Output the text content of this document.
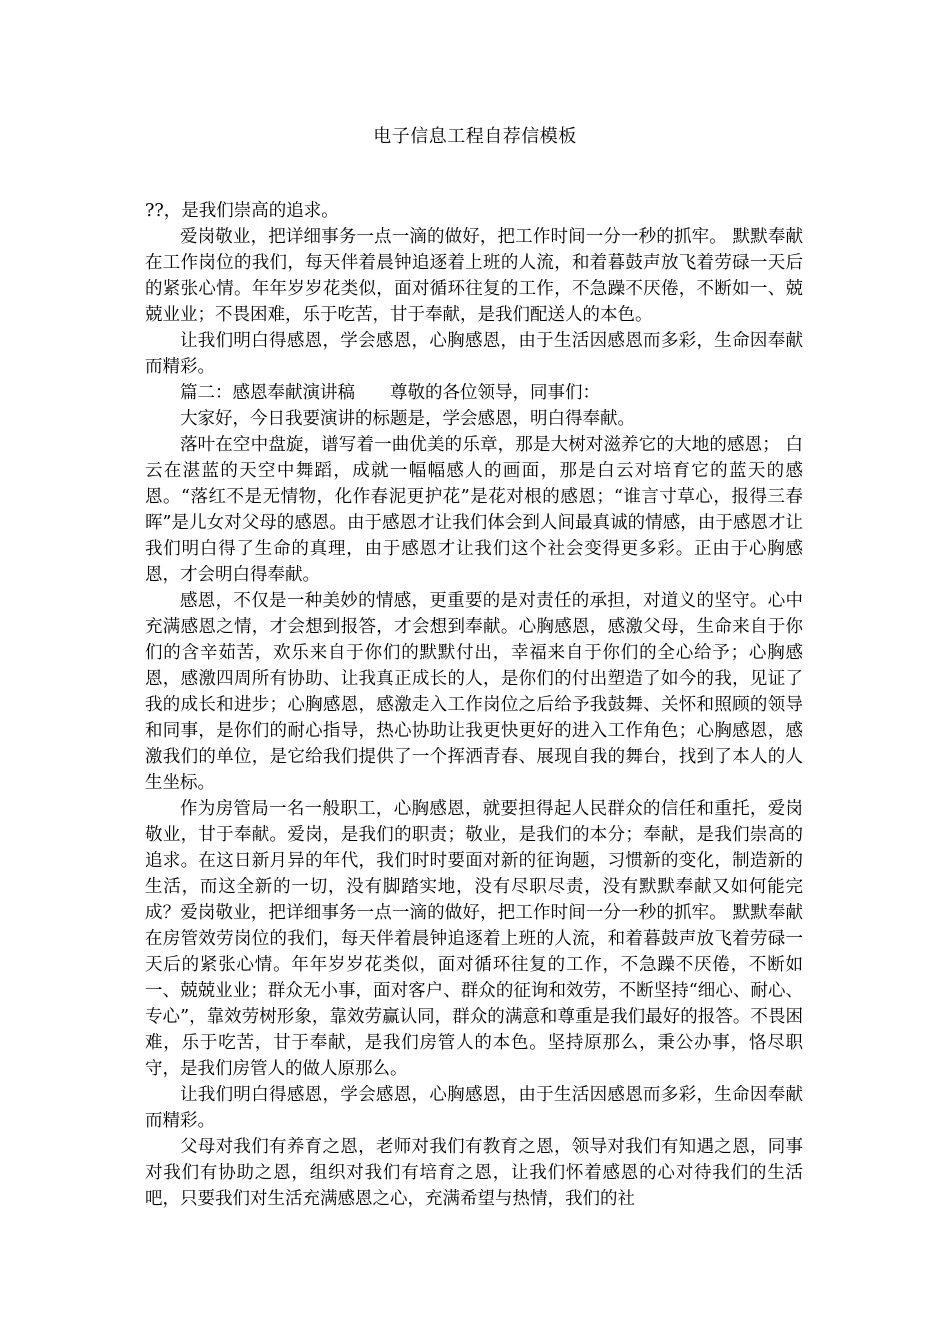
电子信息工程自荐信模板

??，是我们崇高的追求。

爱岗敬业，把详细事务一点一滴的做好，把工作时间一分一秒的抓牢。 默默奉献在工作岗位的我们，每天伴着晨钟追逐着上班的人流，和着暮鼓声放飞着劳碌一天后的紧张心情。年年岁岁花类似，面对循环往复的工作，不急躁不厌倦，不断如一、兢兢业业；不畏困难，乐于吃苦，甘于奉献，是我们配送人的本色。

让我们明白得感恩，学会感恩，心胸感恩，由于生活因感恩而多彩，生命因奉献而精彩。

篇二：感恩奉献演讲稿　　尊敬的各位领导，同事们：

大家好，今日我要演讲的标题是，学会感恩，明白得奉献。

落叶在空中盘旋，谱写着一曲优美的乐章，那是大树对滋养它的大地的感恩； 白云在湛蓝的天空中舞蹈，成就一幅幅感人的画面，那是白云对培育它的蓝天的感恩。“落红不是无情物，化作春泥更护花”是花对根的感恩；“谁言寸草心，报得三春晖”是儿女对父母的感恩。由于感恩才让我们体会到人间最真诚的情感，由于感恩才让我们明白得了生命的真理，由于感恩才让我们这个社会变得更多彩。正由于心胸感恩，才会明白得奉献。

感恩，不仅是一种美妙的情感，更重要的是对责任的承担，对道义的坚守。心中充满感恩之情，才会想到报答，才会想到奉献。心胸感恩，感激父母，生命来自于你们的含辛茹苦，欢乐来自于你们的默默付出，幸福来自于你们的全心给予；心胸感恩，感激四周所有协助、让我真正成长的人，是你们的付出塑造了如今的我，见证了我的成长和进步；心胸感恩，感激走入工作岗位之后给予我鼓舞、关怀和照顾的领导和同事，是你们的耐心指导，热心协助让我更快更好的进入工作角色；心胸感恩，感激我们的单位，是它给我们提供了一个挥洒青春、展现自我的舞台，找到了本人的人生坐标。

作为房管局一名一般职工，心胸感恩，就要担得起人民群众的信任和重托，爱岗敬业，甘于奉献。爱岗，是我们的职责；敬业，是我们的本分；奉献，是我们崇高的追求。在这日新月异的年代，我们时时要面对新的征询题，习惯新的变化，制造新的生活，而这全新的一切，没有脚踏实地，没有尽职尽责，没有默默奉献又如何能完成？爱岗敬业，把详细事务一点一滴的做好，把工作时间一分一秒的抓牢。 默默奉献在房管效劳岗位的我们，每天伴着晨钟追逐着上班的人流，和着暮鼓声放飞着劳碌一天后的紧张心情。年年岁岁花类似，面对循环往复的工作，不急躁不厌倦，不断如一、兢兢业业；群众无小事，面对客户、群众的征询和效劳，不断坚持“细心、耐心、专心”，靠效劳树形象，靠效劳赢认同，群众的满意和尊重是我们最好的报答。不畏困难，乐于吃苦，甘于奉献，是我们房管人的本色。坚持原那么，秉公办事，恪尽职守，是我们房管人的做人原那么。

让我们明白得感恩，学会感恩，心胸感恩，由于生活因感恩而多彩，生命因奉献而精彩。

父母对我们有养育之恩，老师对我们有教育之恩，领导对我们有知遇之恩，同事对我们有协助之恩，组织对我们有培育之恩，让我们怀着感恩的心对待我们的生活吧，只要我们对生活充满感恩之心，充满希望与热情，我们的社
